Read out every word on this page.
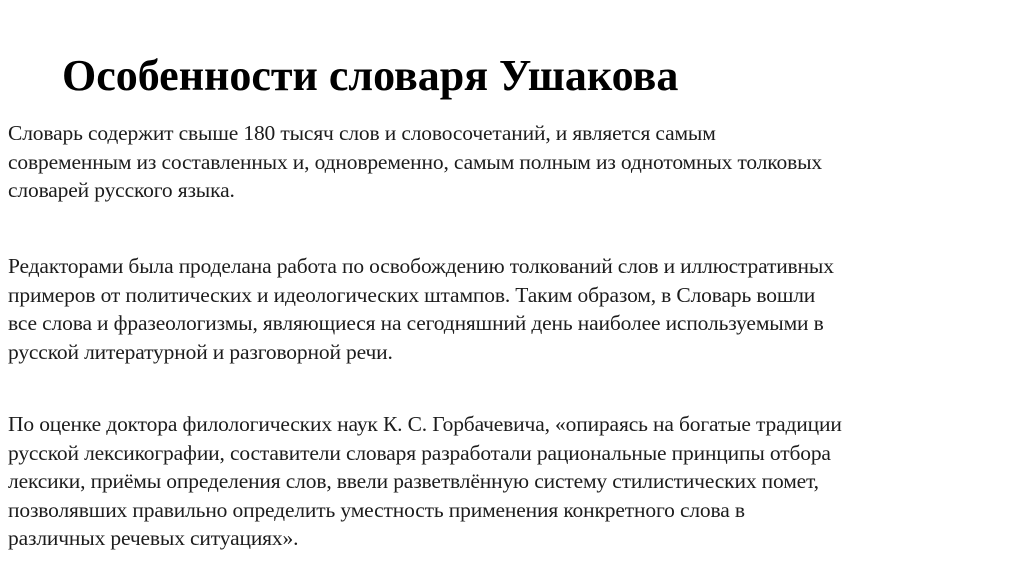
Особенности словаря Ушакова

Словарь содержит свыше 180 тысяч слов и словосочетаний, и является самым
современным из составленных и, одновременно, самым полным из однотомных толковых
словарей русского языка.

Редакторами была проделана работа по освобождению толкований слов и иллюстративных
примеров от политических и идеологических штампов. Таким образом, в Словарь вошли
все слова и фразеологизмы, являющиеся на сегодняшний день наиболее используемыми в
русской литературной и разговорной речи.

По оценке доктора филологических наук К. С. Горбачевича, «опираясь на богатые традиции
русской лексикографии, составители словаря разработали рациональные принципы отбора
лексики, приёмы определения слов, ввели разветвлённую систему стилистических помет,
позволявших правильно определить уместность применения конкретного слова в
различных речевых ситуациях».
